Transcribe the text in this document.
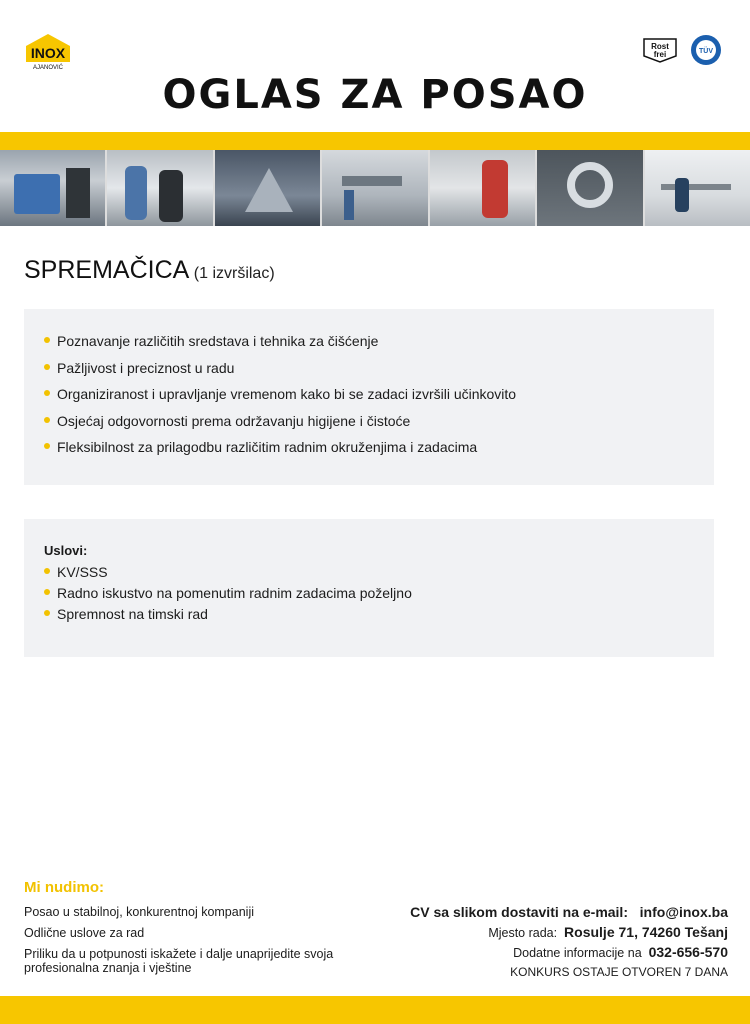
INOX
AJANOVIĆ
Rost
frei	TÜV
OGLAS ZA POSAO
SPREMAČICA (1 izvršilac)
Poznavanje različitih sredstava i tehnika za čišćenje
Pažljivost i preciznost u radu
Organiziranost i upravljanje vremenom kako bi se zadaci izvršili učinkovito
Osjećaj odgovornosti prema održavanju higijene i čistoće
Fleksibilnost za prilagodbu različitim radnim okruženjima i zadacima
Uslovi:
KV/SSS
Radno iskustvo na pomenutim radnim zadacima poželjno
Spremnost na timski rad
Mi nudimo:
Posao u stabilnoj, konkurentnoj kompaniji
Odlične uslove za rad
Priliku da u potpunosti iskažete i dalje unaprijedite svoja profesionalna znanja i vještine
CV sa slikom dostaviti na e-mail: info@inox.ba
Mjesto rada: Rosulje 71, 74260 Tešanj
Dodatne informacije na 032-656-570
KONKURS OSTAJE OTVOREN 7 DANA
